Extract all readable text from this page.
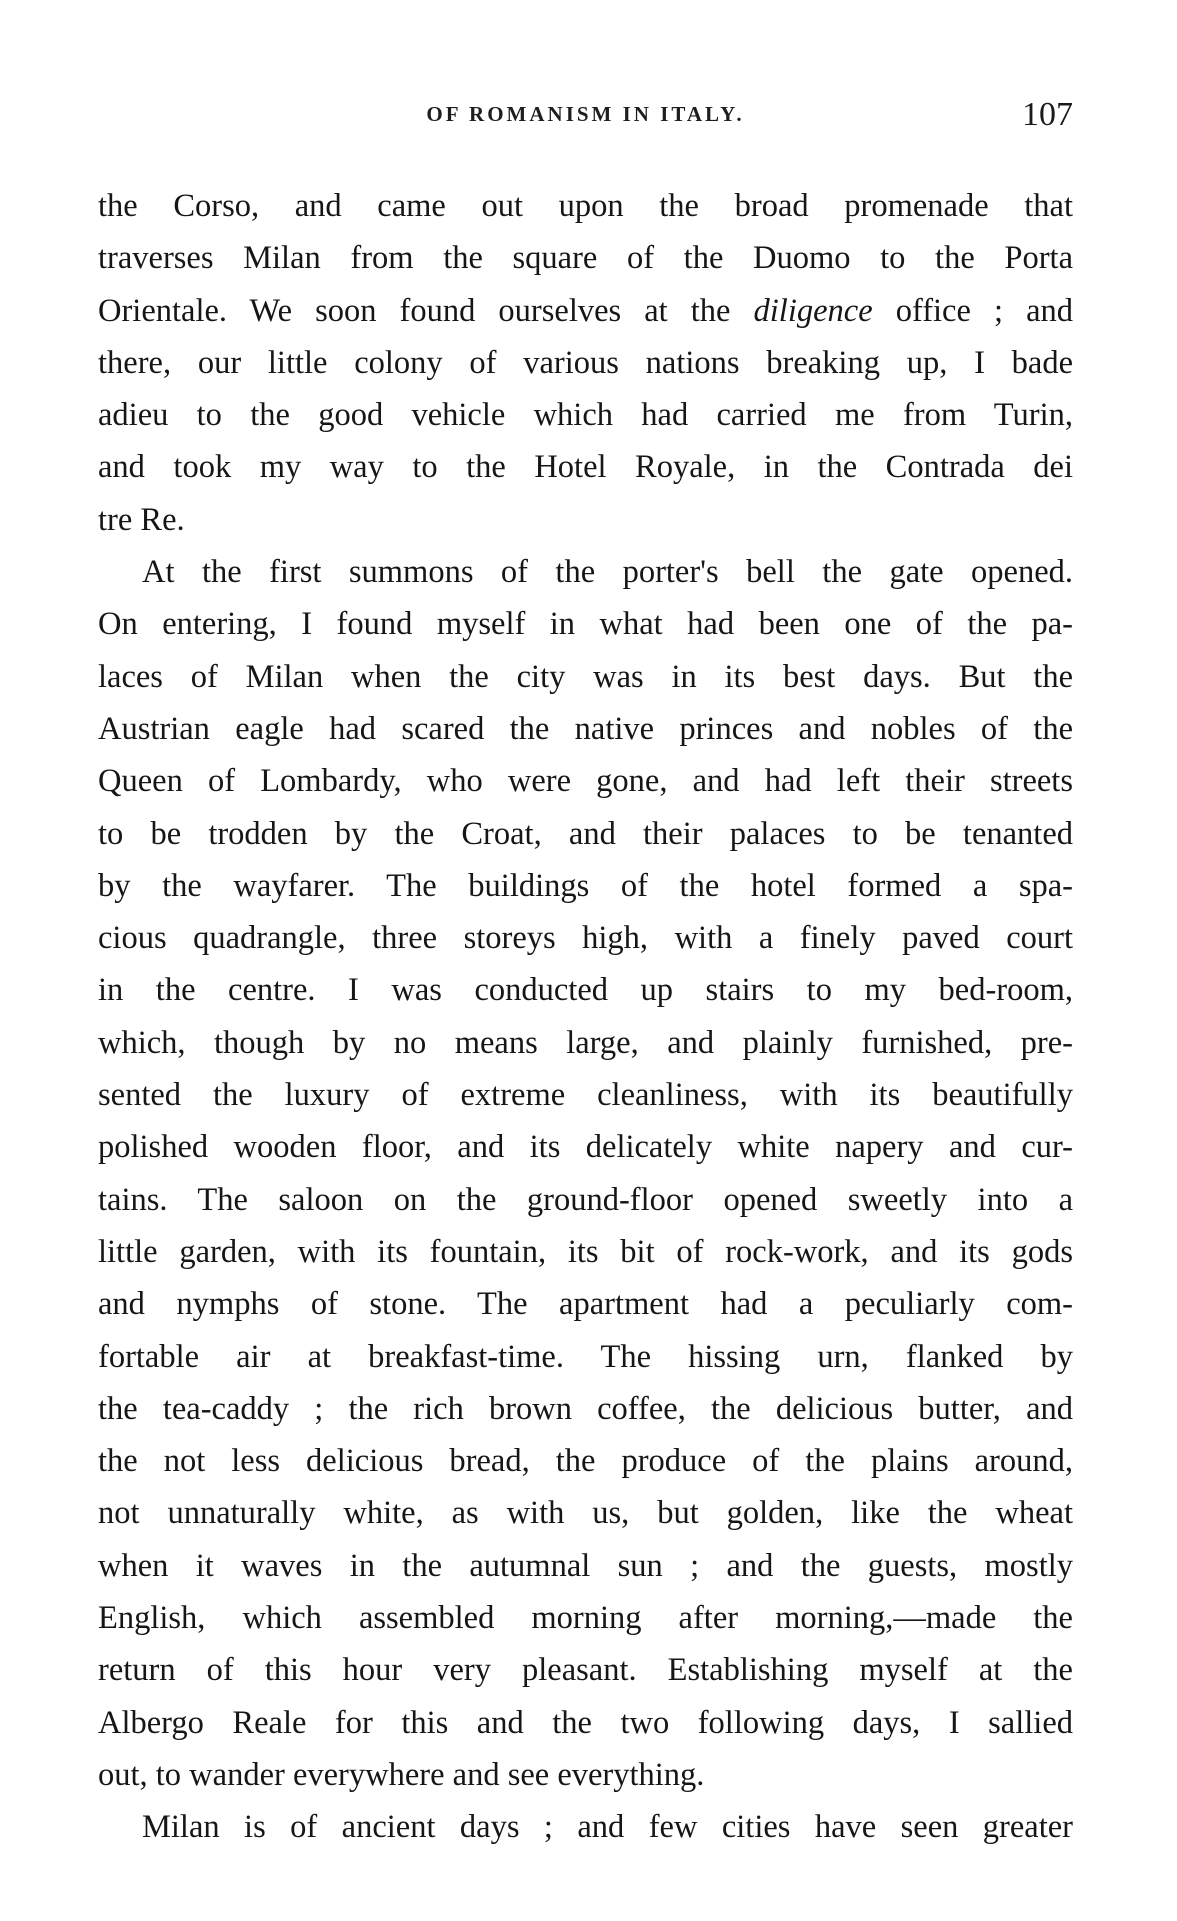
OF ROMANISM IN ITALY.	107
the Corso, and came out upon the broad promenade that
traverses Milan from the square of the Duomo to the Porta
Orientale. We soon found ourselves at the diligence office ; and
there, our little colony of various nations breaking up, I bade
adieu to the good vehicle which had carried me from Turin,
and took my way to the Hotel Royale, in the Contrada dei
tre Re.
At the first summons of the porter's bell the gate opened.
On entering, I found myself in what had been one of the pa-
laces of Milan when the city was in its best days. But the
Austrian eagle had scared the native princes and nobles of the
Queen of Lombardy, who were gone, and had left their streets
to be trodden by the Croat, and their palaces to be tenanted
by the wayfarer. The buildings of the hotel formed a spa-
cious quadrangle, three storeys high, with a finely paved court
in the centre. I was conducted up stairs to my bed-room,
which, though by no means large, and plainly furnished, pre-
sented the luxury of extreme cleanliness, with its beautifully
polished wooden floor, and its delicately white napery and cur-
tains. The saloon on the ground-floor opened sweetly into a
little garden, with its fountain, its bit of rock-work, and its gods
and nymphs of stone. The apartment had a peculiarly com-
fortable air at breakfast-time. The hissing urn, flanked by
the tea-caddy ; the rich brown coffee, the delicious butter, and
the not less delicious bread, the produce of the plains around,
not unnaturally white, as with us, but golden, like the wheat
when it waves in the autumnal sun ; and the guests, mostly
English, which assembled morning after morning,—made the
return of this hour very pleasant. Establishing myself at the
Albergo Reale for this and the two following days, I sallied
out, to wander everywhere and see everything.
Milan is of ancient days ; and few cities have seen greater
